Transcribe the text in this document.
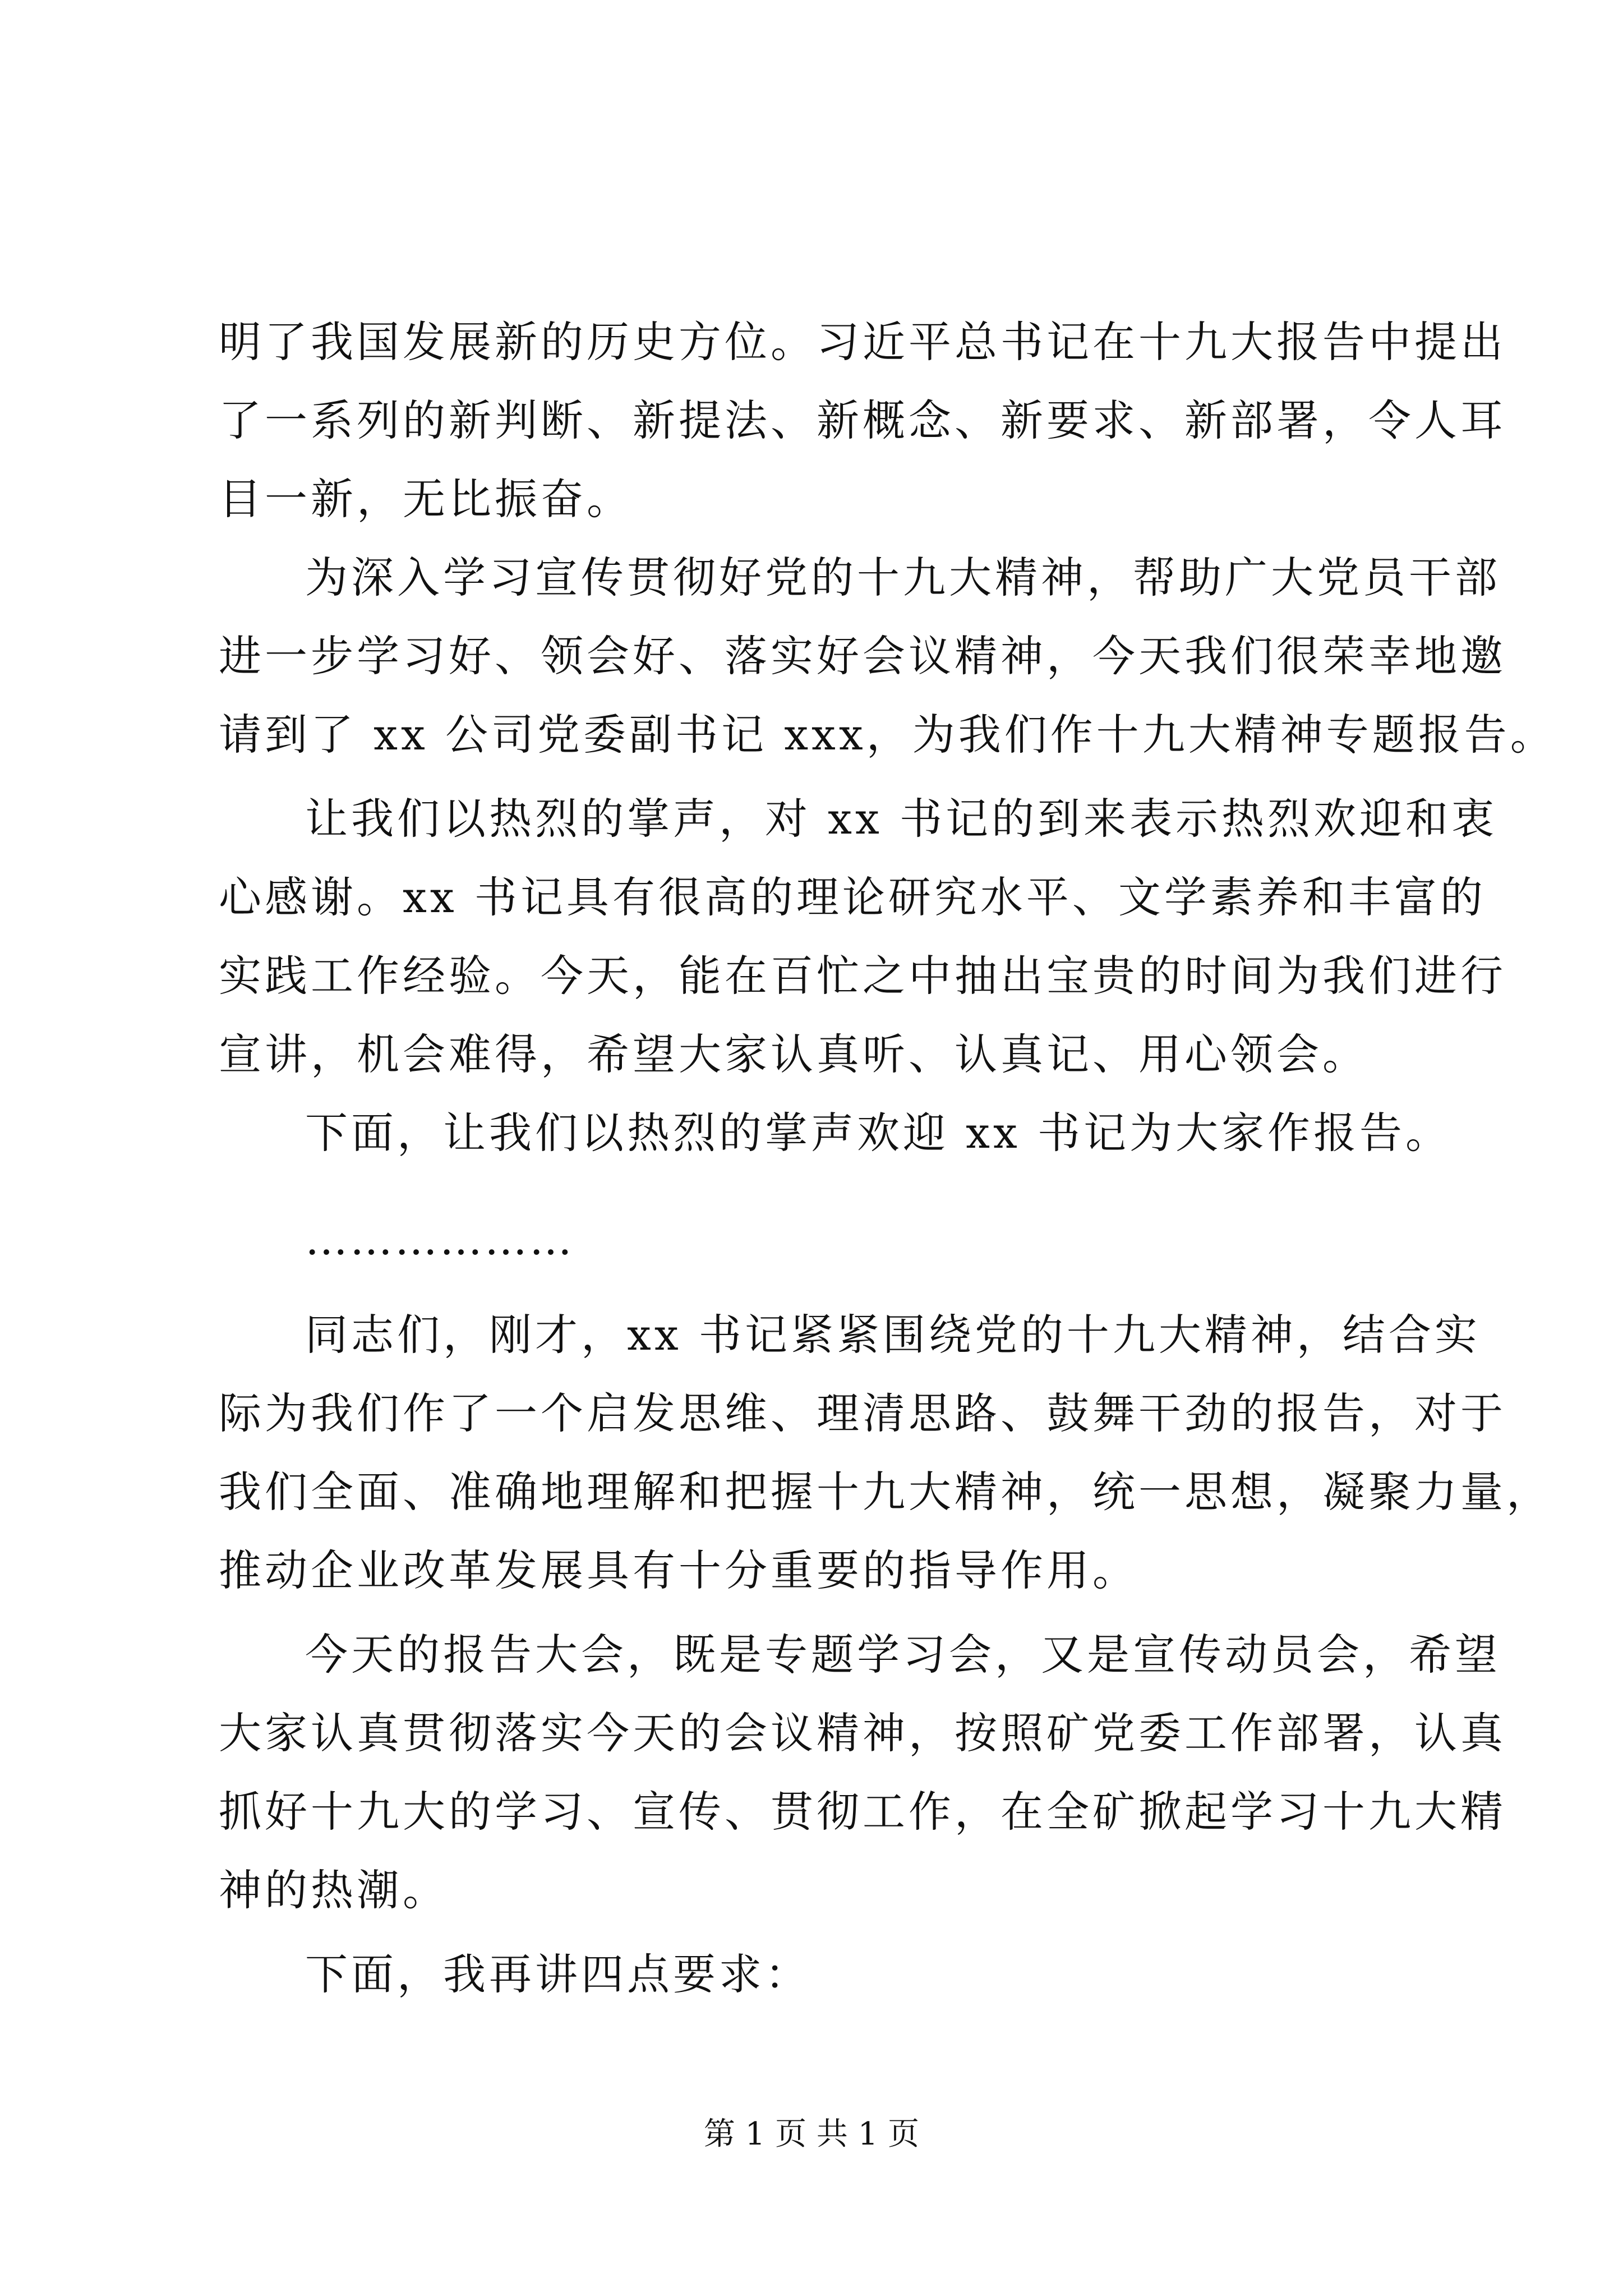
明了我国发展新的历史方位。习近平总书记在十九大报告中提出
了一系列的新判断、新提法、新概念、新要求、新部署，令人耳
目一新，无比振奋。
为深入学习宣传贯彻好党的十九大精神，帮助广大党员干部
进一步学习好、领会好、落实好会议精神，今天我们很荣幸地邀
请到了 xx 公司党委副书记 xxx，为我们作十九大精神专题报告。
让我们以热烈的掌声，对 xx 书记的到来表示热烈欢迎和衷
心感谢。xx 书记具有很高的理论研究水平、文学素养和丰富的
实践工作经验。今天，能在百忙之中抽出宝贵的时间为我们进行
宣讲，机会难得，希望大家认真听、认真记、用心领会。
下面，让我们以热烈的掌声欢迎 xx 书记为大家作报告。
………………
同志们，刚才，xx 书记紧紧围绕党的十九大精神，结合实
际为我们作了一个启发思维、理清思路、鼓舞干劲的报告，对于
我们全面、准确地理解和把握十九大精神，统一思想，凝聚力量，
推动企业改革发展具有十分重要的指导作用。
今天的报告大会，既是专题学习会，又是宣传动员会，希望
大家认真贯彻落实今天的会议精神，按照矿党委工作部署，认真
抓好十九大的学习、宣传、贯彻工作，在全矿掀起学习十九大精
神的热潮。
下面，我再讲四点要求：
第 1 页 共 1 页
